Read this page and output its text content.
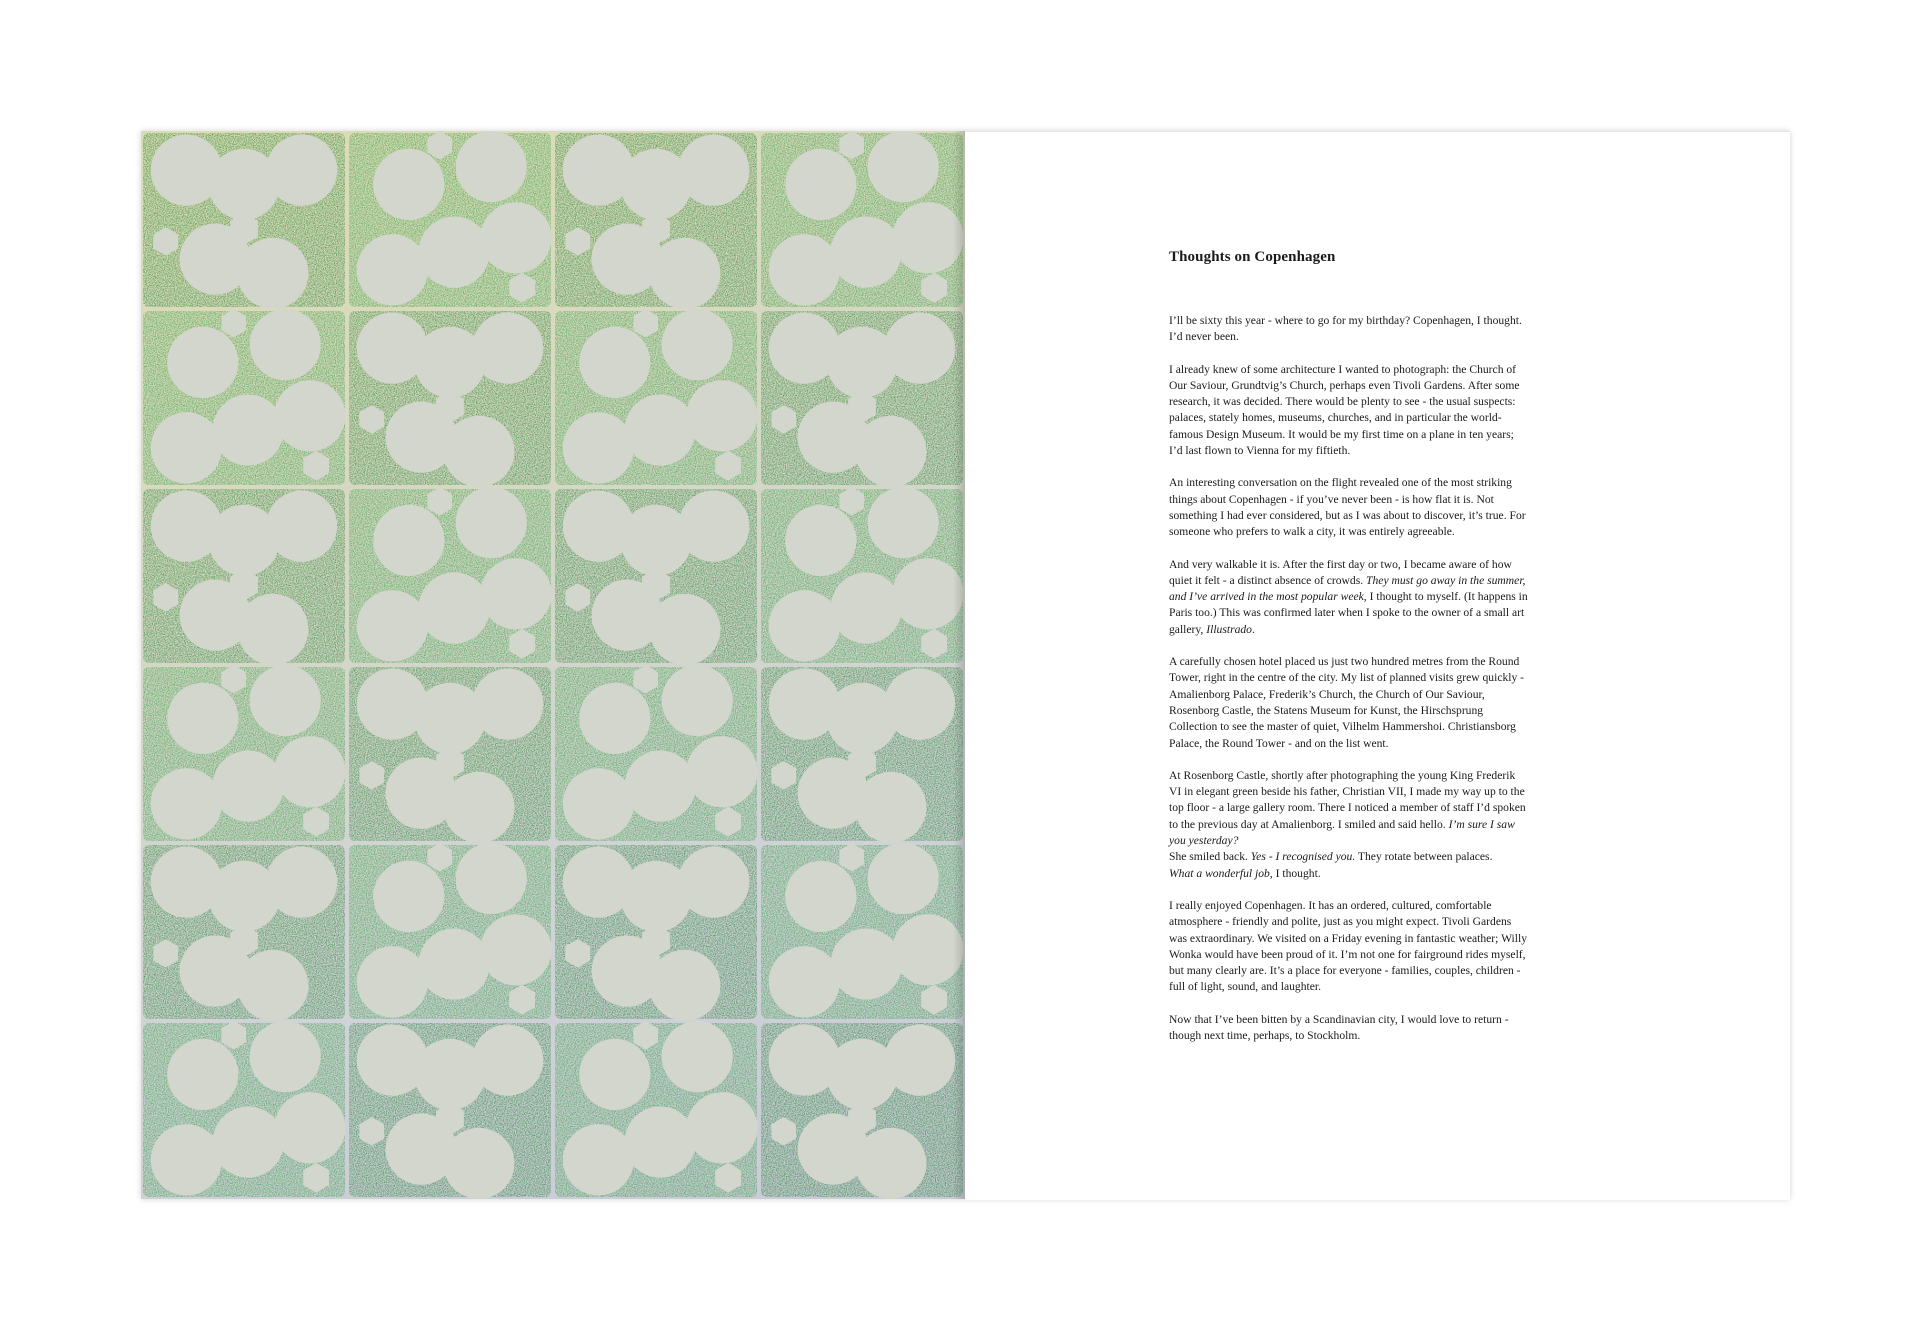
Thoughts on Copenhagen

I’ll be sixty this year - where to go for my birthday? Copenhagen, I thought. I’d never been.

I already knew of some architecture I wanted to photograph: the Church of Our Saviour, Grundtvig’s Church, perhaps even Tivoli Gardens. After some research, it was decided. There would be plenty to see - the usual suspects: palaces, stately homes, museums, churches, and in particular the world-famous Design Museum. It would be my first time on a plane in ten years; I’d last flown to Vienna for my fiftieth.

An interesting conversation on the flight revealed one of the most striking things about Copenhagen - if you’ve never been - is how flat it is. Not something I had ever considered, but as I was about to discover, it’s true. For someone who prefers to walk a city, it was entirely agreeable.

And very walkable it is. After the first day or two, I became aware of how quiet it felt - a distinct absence of crowds. They must go away in the summer, and I’ve arrived in the most popular week, I thought to myself. (It happens in Paris too.) This was confirmed later when I spoke to the owner of a small art gallery, Illustrado.

A carefully chosen hotel placed us just two hundred metres from the Round Tower, right in the centre of the city. My list of planned visits grew quickly - Amalienborg Palace, Frederik’s Church, the Church of Our Saviour, Rosenborg Castle, the Statens Museum for Kunst, the Hirschsprung Collection to see the master of quiet, Vilhelm Hammershoi. Christiansborg Palace, the Round Tower - and on the list went.

At Rosenborg Castle, shortly after photographing the young King Frederik VI in elegant green beside his father, Christian VII, I made my way up to the top floor - a large gallery room. There I noticed a member of staff I’d spoken to the previous day at Amalienborg. I smiled and said hello. I’m sure I saw you yesterday?
She smiled back. Yes - I recognised you. They rotate between palaces.
What a wonderful job, I thought.

I really enjoyed Copenhagen. It has an ordered, cultured, comfortable atmosphere - friendly and polite, just as you might expect. Tivoli Gardens was extraordinary. We visited on a Friday evening in fantastic weather; Willy Wonka would have been proud of it. I’m not one for fairground rides myself, but many clearly are. It’s a place for everyone - families, couples, children - full of light, sound, and laughter.

Now that I’ve been bitten by a Scandinavian city, I would love to return - though next time, perhaps, to Stockholm.
